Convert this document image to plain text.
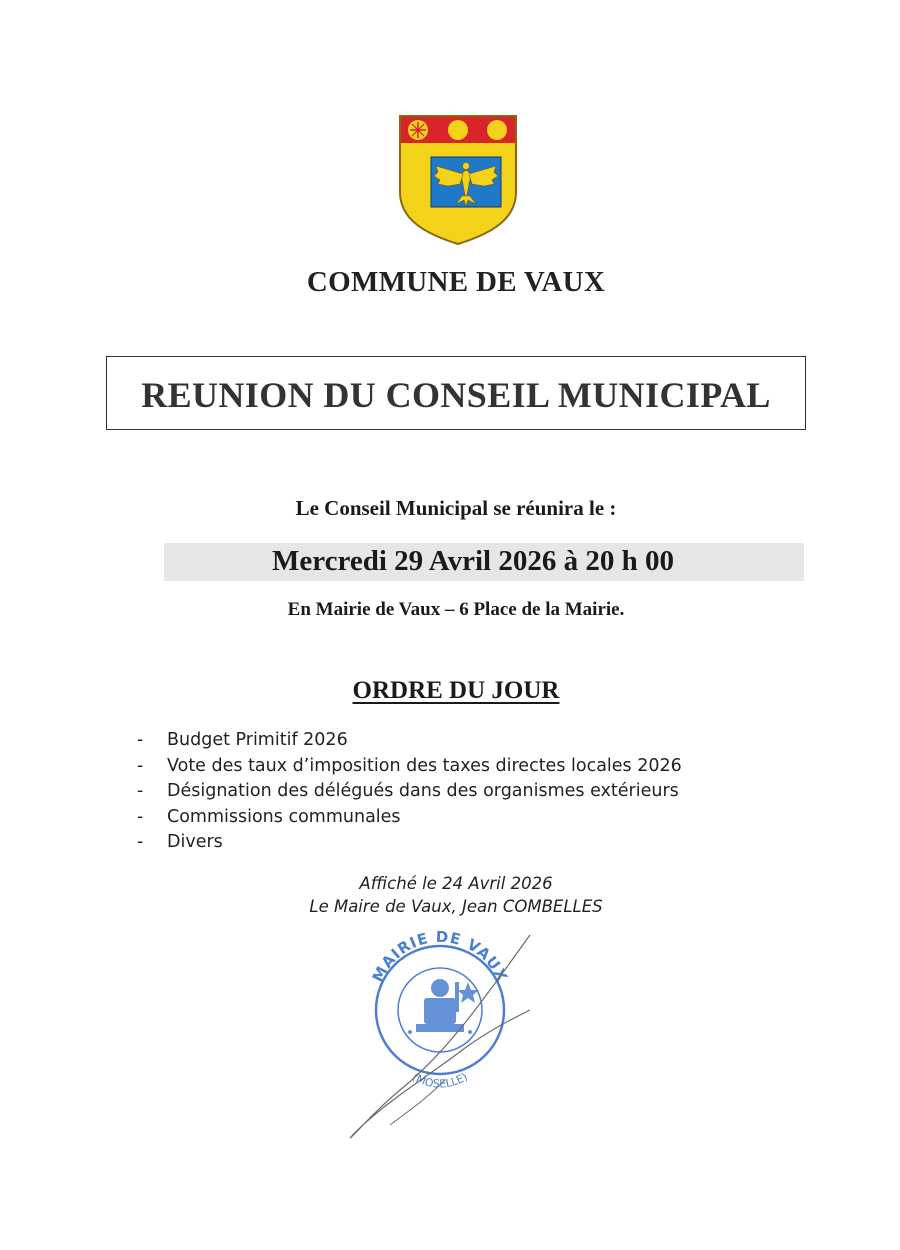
COMMUNE DE VAUX
REUNION DU CONSEIL MUNICIPAL
Le Conseil Municipal se réunira le :
Mercredi 29 Avril 2026 à 20 h 00
En Mairie de Vaux – 6 Place de la Mairie.
ORDRE DU JOUR
- Budget Primitif 2026
- Vote des taux d’imposition des taxes directes locales 2026
- Désignation des délégués dans des organismes extérieurs
- Commissions communales
- Divers
Affiché le 24 Avril 2026
Le Maire de Vaux, Jean COMBELLES
MAIRIE DE VAUX
(MOSELLE)
